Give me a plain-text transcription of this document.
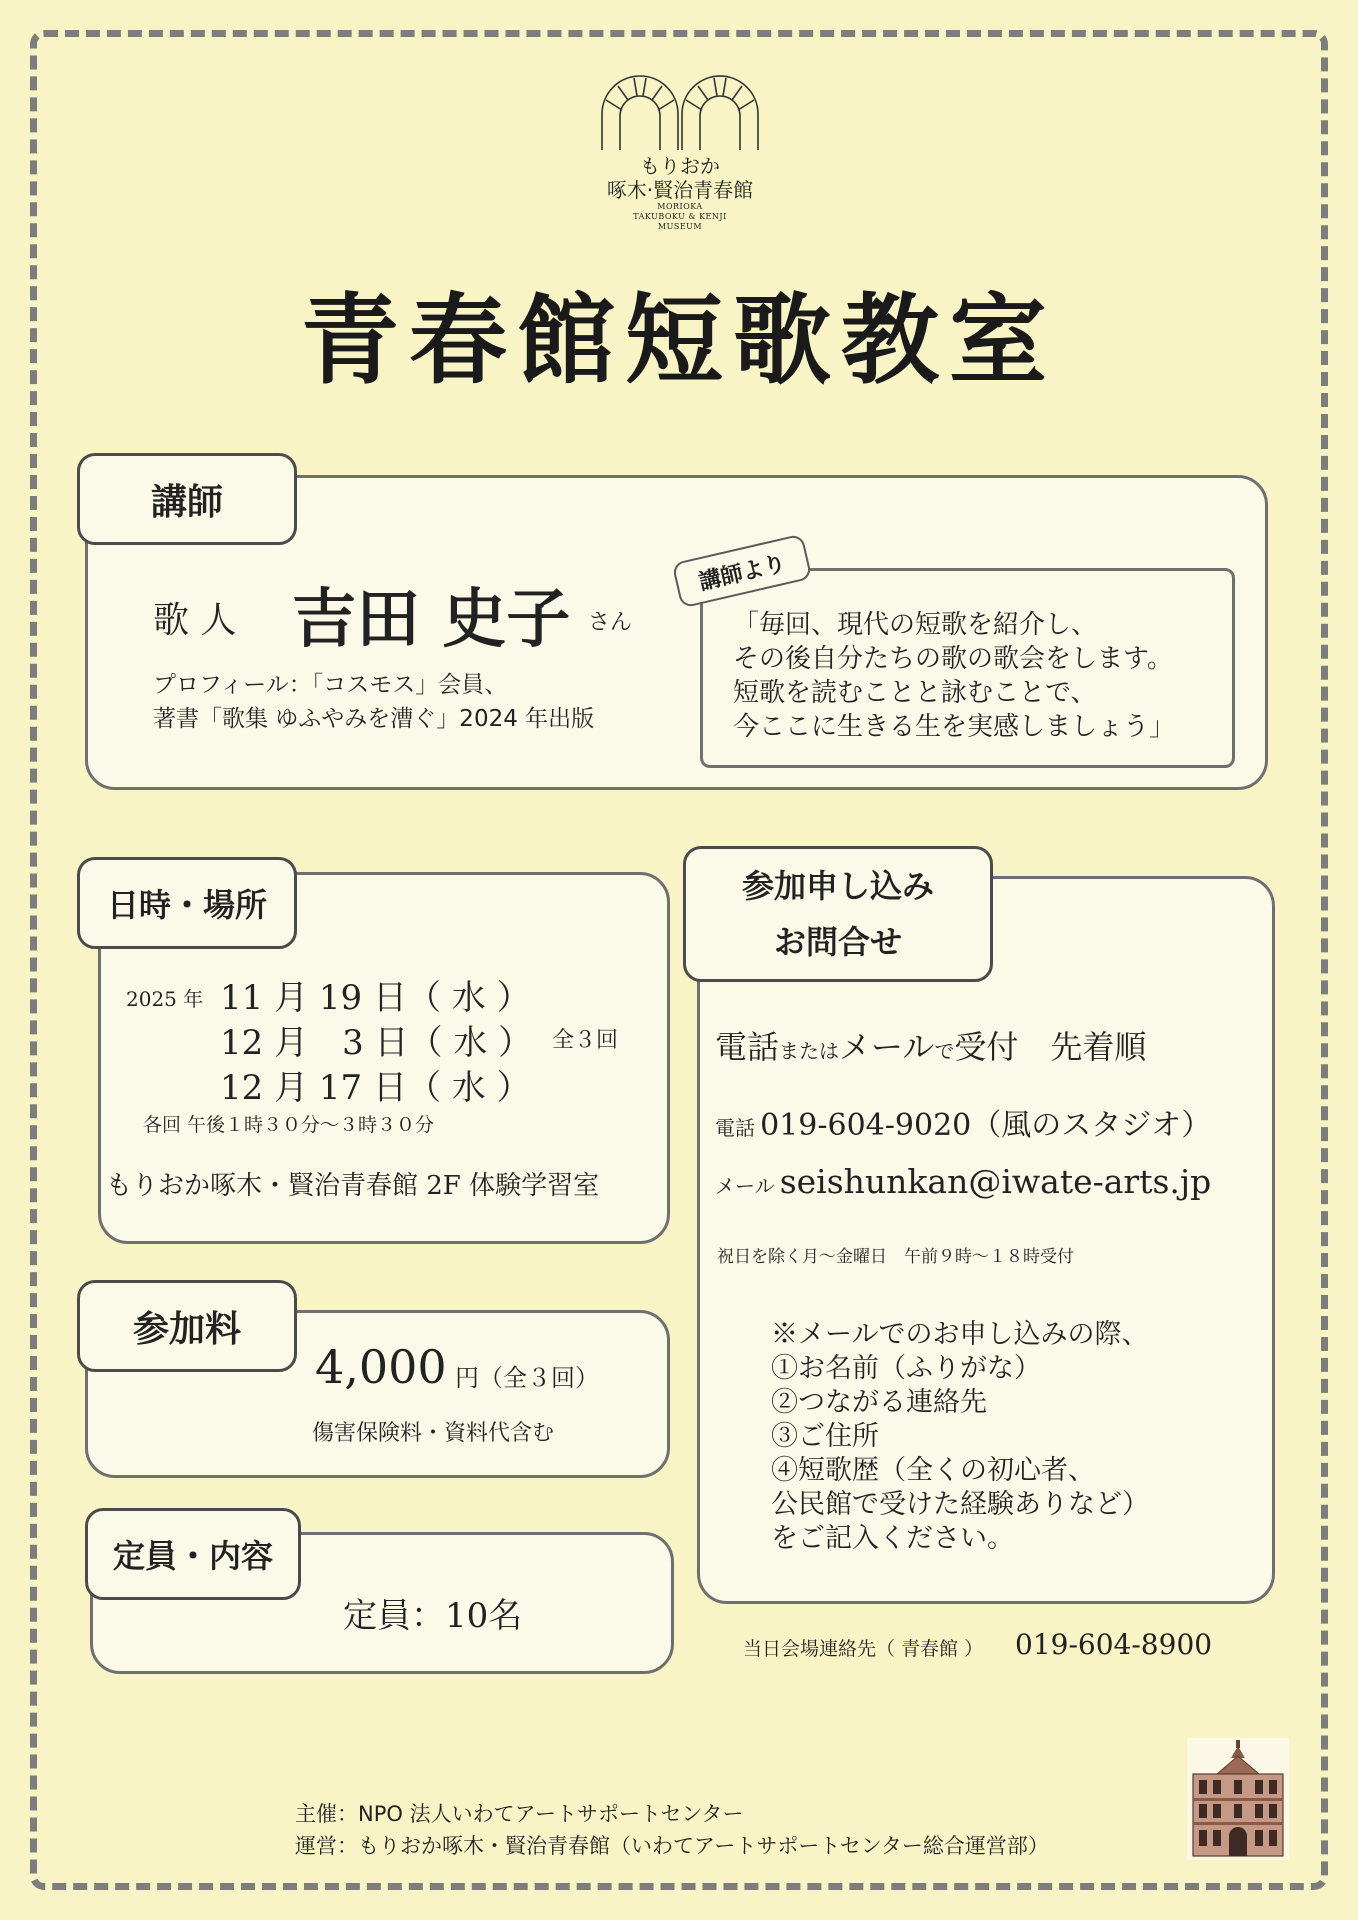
もりおか
啄木·賢治青春館
MORIOKA
TAKUBOKU & KENJI
MUSEUM
青春館短歌教室
講師
歌 人 吉田 史子 さん
プロフィール：「コスモス」会員、
著書「歌集 ゆふやみを漕ぐ」2024 年出版
講師より
「毎回、現代の短歌を紹介し、
その後自分たちの歌の歌会をします。
短歌を読むことと詠むことで、
今ここに生きる生を実感しましょう」
日時・場所
2025 年 11 月 19 日（ 水 ）
12 月　3 日（ 水 ） 全３回
12 月 17 日（ 水 ）
各回 午後１時３０分～３時３０分
もりおか啄木・賢治青春館 2F 体験学習室
参加料
4,000 円（全３回）
傷害保険料・資料代含む
定員・内容
定員：10名
参加申し込み
お問合せ
電話またはメールで受付　先着順
電話 019-604-9020（風のスタジオ）
メール seishunkan@iwate-arts.jp
祝日を除く月～金曜日　午前９時～１８時受付
※メールでのお申し込みの際、
①お名前（ふりがな）
②つながる連絡先
③ご住所
④短歌歴（全くの初心者、
公民館で受けた経験ありなど）
をご記入ください。
当日会場連絡先（ 青春館 ） 019-604-8900
主催：NPO 法人いわてアートサポートセンター
運営：もりおか啄木・賢治青春館（いわてアートサポートセンター総合運営部）
